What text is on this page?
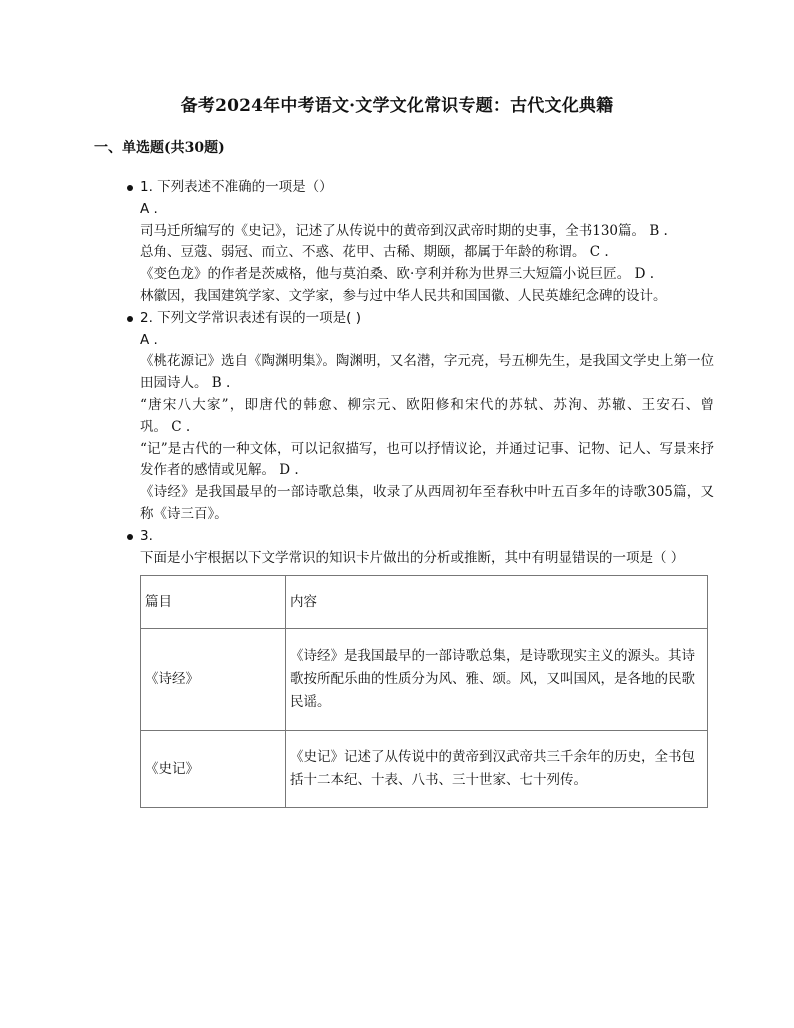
备考2024年中考语文·文学文化常识专题：古代文化典籍
一、单选题(共30题)
1. 下列表述不准确的一项是（）
A .
司马迁所编写的《史记》，记述了从传说中的黄帝到汉武帝时期的史事，全书130篇。 B .
总角、豆蔻、弱冠、而立、不惑、花甲、古稀、期颐，都属于年龄的称谓。 C .
《变色龙》的作者是茨威格，他与莫泊桑、欧·亨利并称为世界三大短篇小说巨匠。 D .
林徽因，我国建筑学家、文学家，参与过中华人民共和国国徽、人民英雄纪念碑的设计。
2. 下列文学常识表述有误的一项是( )
A .
《桃花源记》选自《陶渊明集》。陶渊明，又名潜，字元亮，号五柳先生，是我国文学史上第一位田园诗人。 B .
“唐宋八大家”，即唐代的韩愈、柳宗元、欧阳修和宋代的苏轼、苏洵、苏辙、王安石、曾巩。 C .
“记”是古代的一种文体，可以记叙描写，也可以抒情议论，并通过记事、记物、记人、写景来抒发作者的感情或见解。 D .
《诗经》是我国最早的一部诗歌总集，收录了从西周初年至春秋中叶五百多年的诗歌305篇，又称《诗三百》。
3.
下面是小宇根据以下文学常识的知识卡片做出的分析或推断，其中有明显错误的一项是（ ）
篇目	内容
《诗经》	《诗经》是我国最早的一部诗歌总集，是诗歌现实主义的源头。其诗歌按所配乐曲的性质分为风、雅、颂。风，又叫国风，是各地的民歌民谣。
《史记》	《史记》记述了从传说中的黄帝到汉武帝共三千余年的历史，全书包括十二本纪、十表、八书、三十世家、七十列传。
